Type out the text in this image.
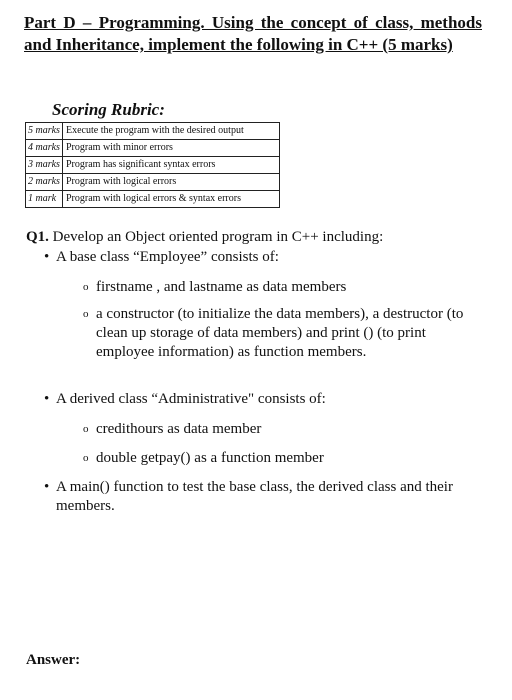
Part D – Programming. Using the concept of class, methods and Inheritance, implement the following in C++ (5 marks)
Scoring Rubric:
5 marks	Execute the program with the desired output
4 marks	Program with minor errors
3 marks	Program has significant syntax errors
2 marks	Program with logical errors
1 mark	Program with logical errors & syntax errors
Q1. Develop an Object oriented program in C++ including:
• A base class “Employee” consists of:
o firstname , and lastname as data members
o a constructor (to initialize the data members), a destructor (to clean up storage of data members) and print () (to print employee information) as function members.
• A derived class “Administrative" consists of:
o credithours as data member
o double getpay() as a function member
• A main() function to test the base class, the derived class and their members.
Answer:
